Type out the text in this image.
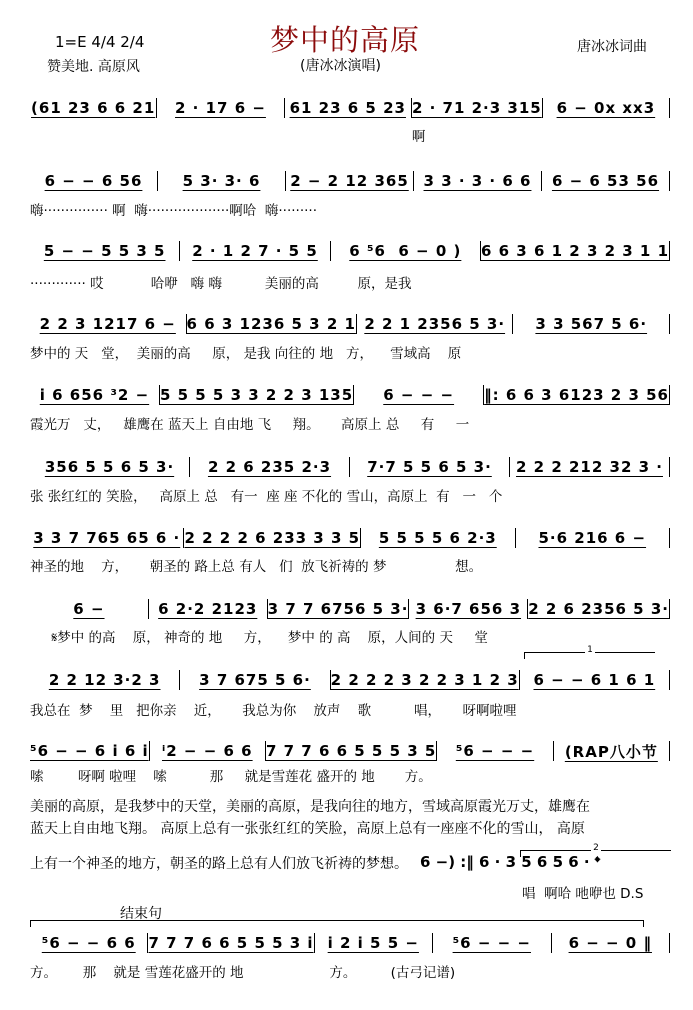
梦中的高原
1=E 4/4 2/4
赞美地. 高原风	(唐冰冰演唱)
唐冰冰词曲
(61 23 6 6 21	2 · 17 6 −	61 23 6 5 23 2 · 71 2·3 315 6 − 0x xx3
啊
6 − − 6 56	5 3· 3· 6	2 − 2 12 365 3 3 · 3 · 6 6	6 − 6 53 56
嗨··············· 啊  嗨···················啊哈  嗨·········
5 − − 5 5 3 5	2 · 1 2 7 · 5 5	6 ⁵6  6 − 0 )	6 6 3 6 1 2 3 2 3 1 1
············· 哎           哈咿   嗨 嗨          美丽的高         原，是我
2 2 3 1217 6 − 6 6 3 1236 5 3 2 1 2 2 1 2356 5 3·	3 3 567 5 6·
梦中的 天   堂，  美丽的高     原， 是我 向往的 地   方，    雪域高    原
i 6 656 ³2 − 5 5 5 5 3 3 2 2 3 135	6 − − −	‖: 6 6 3 6123 2 3 56
霞光万   丈，   雄鹰在 蓝天上 自由地 飞     翔。     高原上 总     有     一
356 5 5 6 5 3·	2 2 6 235 2·3	7·7 5 5 6 5 3·	2 2 2 212 32 3 ·
张 张红红的 笑脸，   高原上 总   有一  座 座 不化的 雪山，高原上  有   一   个
3 3 7 765 65 6 · 2 2 2 2 6 233 3 3 5	5 5 5 5 6 2·3	5·6 216 6 −
神圣的地    方，     朝圣的 路上总 有人   们  放飞祈祷的 梦                想。
6 −	6 2·2 2123 3 7 7 6756 5 3· 3 6·7 656 3 2 2 6 2356 5 3·
𝄋梦中 的高    原， 神奇的 地     方，    梦中 的 高    原，人间的 天     堂
2 2 12 3·2 3	3 7 675 5 6·	2 2 2 2 3 2 2 3 1 2 3 6 − − 6 1 6 1
我总在  梦    里   把你亲    近，     我总为你    放声    歌          唱，     呀啊啦哩
⁵6 − − 6 i 6 i ⁱ2 − − 6 6 7 7 7 6 6 5 5 5 3 5	⁵6 − − −	(RAP八小节
嗦        呀啊 啦哩    嗦          那     就是雪莲花 盛开的 地       方。
⁵6 − − 6 6 7 7 7 6 6 5 5 5 3 i i 2 i 5 5 −	⁵6 − − −	6 − − 0 ‖
方。      那    就是 雪莲花盛开的 地                    方。        (古弓记谱)
1
美丽的高原，是我梦中的天堂，美丽的高原，是我向往的地方，雪域高原霞光万丈，雄鹰在
蓝天上自由地飞翔。 高原上总有一张张红红的笑脸，高原上总有一座座不化的雪山， 高原
上有一个神圣的地方，朝圣的路上总有人们放飞祈祷的梦想。 6 −) :‖ 6 · 3 5 6 5 6 · 𝄌
2
唱  啊哈 吔咿也 D.S
结束句
